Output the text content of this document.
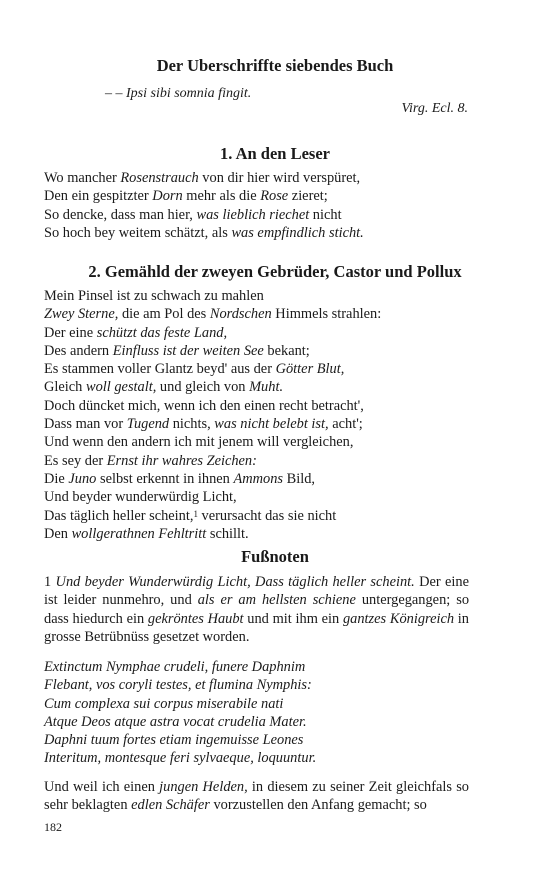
Der Uberschriffte siebendes Buch
– – Ipsi sibi somnia fingit.
Virg. Ecl. 8.
1. An den Leser
Wo mancher Rosenstrauch von dir hier wird verspüret,
Den ein gespitzter Dorn mehr als die Rose zieret;
So dencke, dass man hier, was lieblich riechet nicht
So hoch bey weitem schätzt, als was empfindlich sticht.
2. Gemähld der zweyen Gebrüder, Castor und Pollux
Mein Pinsel ist zu schwach zu mahlen
Zwey Sterne, die am Pol des Nordschen Himmels strahlen:
Der eine schützt das feste Land,
Des andern Einfluss ist der weiten See bekant;
Es stammen voller Glantz beyd' aus der Götter Blut,
Gleich woll gestalt, und gleich von Muht.
Doch düncket mich, wenn ich den einen recht betracht',
Dass man vor Tugend nichts, was nicht belebt ist, acht';
Und wenn den andern ich mit jenem will vergleichen,
Es sey der Ernst ihr wahres Zeichen:
Die Juno selbst erkennt in ihnen Ammons Bild,
Und beyder wunderwürdig Licht,
Das täglich heller scheint,$^1$ verursacht das sie nicht
Den wollgerathnen Fehltritt schillt.
Fußnoten
1 Und beyder Wunderwürdig Licht, Dass täglich heller scheint. Der eine ist leider nunmehro, und als er am hellsten schiene untergegangen; so dass hiedurch ein gekröntes Haubt und mit ihm ein gantzes Königreich in grosse Betrübnüss gesetzet worden.
Extinctum Nymphae crudeli, funere Daphnim
Flebant, vos coryli testes, et flumina Nymphis:
Cum complexa sui corpus miserabile nati
Atque Deos atque astra vocat crudelia Mater.
Daphni tuum fortes etiam ingemuisse Leones
Interitum, montesque feri sylvaeque, loquuntur.
Und weil ich einen jungen Helden, in diesem zu seiner Zeit gleichfals so sehr beklagten edlen Schäfer vorzustellen den Anfang gemacht; so
182
